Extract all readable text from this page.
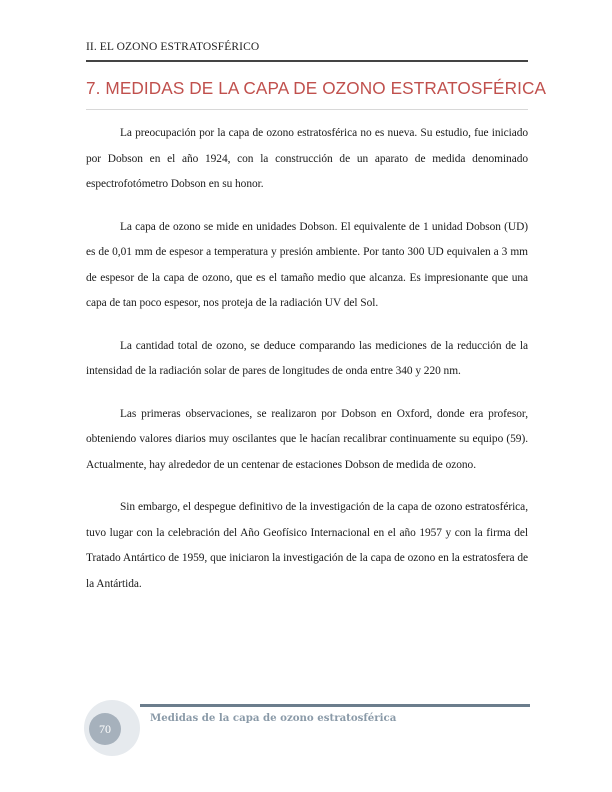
II. EL OZONO ESTRATOSFÉRICO
7. MEDIDAS DE LA CAPA DE OZONO ESTRATOSFÉRICA

La preocupación por la capa de ozono estratosférica no es nueva. Su estudio, fue iniciado por Dobson en el año 1924, con la construcción de un aparato de medida denominado espectrofotómetro Dobson en su honor.

La capa de ozono se mide en unidades Dobson. El equivalente de 1 unidad Dobson (UD) es de 0,01 mm de espesor a temperatura y presión ambiente. Por tanto 300 UD equivalen a 3 mm de espesor de la capa de ozono, que es el tamaño medio que alcanza. Es impresionante que una capa de tan poco espesor, nos proteja de la radiación UV del Sol.

La cantidad total de ozono, se deduce comparando las mediciones de la reducción de la intensidad de la radiación solar de pares de longitudes de onda entre 340 y 220 nm.

Las primeras observaciones, se realizaron por Dobson en Oxford, donde era profesor, obteniendo valores diarios muy oscilantes que le hacían recalibrar continuamente su equipo (59). Actualmente, hay alrededor de un centenar de estaciones Dobson de medida de ozono.

Sin embargo, el despegue definitivo de la investigación de la capa de ozono estratosférica, tuvo lugar con la celebración del Año Geofísico Internacional en el año 1957 y con la firma del Tratado Antártico de 1959, que iniciaron la investigación de la capa de ozono en la estratosfera de la Antártida.

70
Medidas de la capa de ozono estratosférica
